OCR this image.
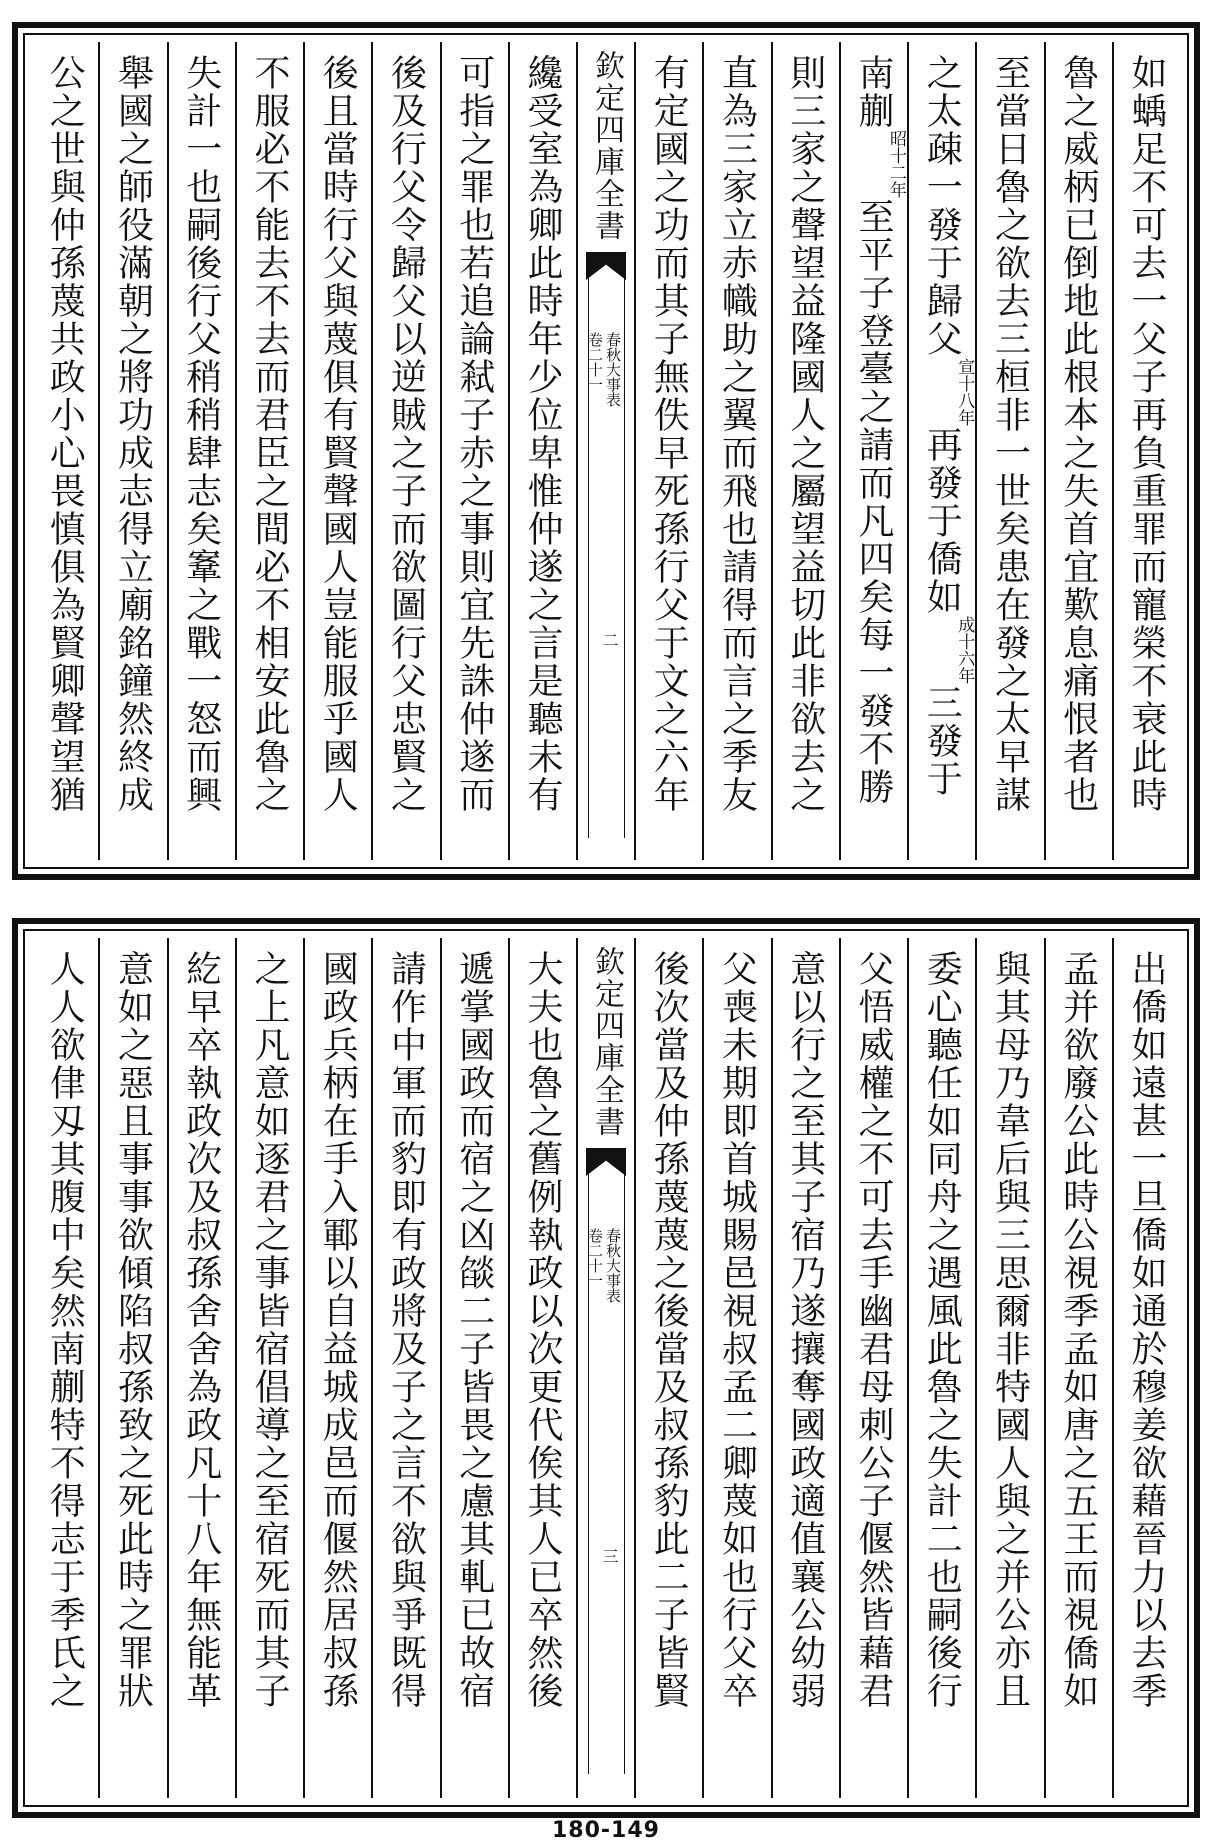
如蝺足不可去一父子再負重罪而寵榮不衰此時
魯之威柄已倒地此根本之失首宜歎息痛恨者也
至當日魯之欲去三桓非一世矣患在發之太早謀
之太疎一發于歸父宣十八年再發于僑如成十六年三發于
南蒯昭十二年至平子登臺之請而凡四矣每一發不勝
則三家之聲望益隆國人之屬望益切此非欲去之
直為三家立赤幟助之翼而飛也請得而言之季友
有定國之功而其子無佚早死孫行父于文之六年
欽定四庫全書
春秋大事表
卷二十一
二
纔受室為卿此時年少位卑惟仲遂之言是聽未有
可指之罪也若追論弒子赤之事則宜先誅仲遂而
後及行父令歸父以逆賊之子而欲圖行父忠賢之
後且當時行父與蔑俱有賢聲國人豈能服乎國人
不服必不能去不去而君臣之間必不相安此魯之
失計一也嗣後行父稍稍肆志矣鞌之戰一怒而興
舉國之師役滿朝之將功成志得立廟銘鐘然終成
公之世與仲孫蔑共政小心畏慎俱為賢卿聲望猶
出僑如遠甚一旦僑如通於穆姜欲藉晉力以去季
孟并欲廢公此時公視季孟如唐之五王而視僑如
與其母乃韋后與三思爾非特國人與之并公亦且
委心聽任如同舟之遇風此魯之失計二也嗣後行
父悟威權之不可去手幽君母刺公子偃然皆藉君
意以行之至其子宿乃遂攘奪國政適值襄公幼弱
父喪未期即首城賜邑視叔孟二卿蔑如也行父卒
後次當及仲孫蔑蔑之後當及叔孫豹此二子皆賢
欽定四庫全書
春秋大事表
卷二十一
三
大夫也魯之舊例執政以次更代俟其人已卒然後
遞掌國政而宿之凶燄二子皆畏之慮其軋已故宿
請作中軍而豹即有政將及子之言不欲與爭既得
國政兵柄在手入鄆以自益城成邑而偃然居叔孫
之上凡意如逐君之事皆宿倡導之至宿死而其子
紇早卒執政次及叔孫舍舍為政凡十八年無能革
意如之惡且事事欲傾陷叔孫致之死此時之罪狀
人人欲侓刄其腹中矣然南蒯特不得志于季氏之
180-149
